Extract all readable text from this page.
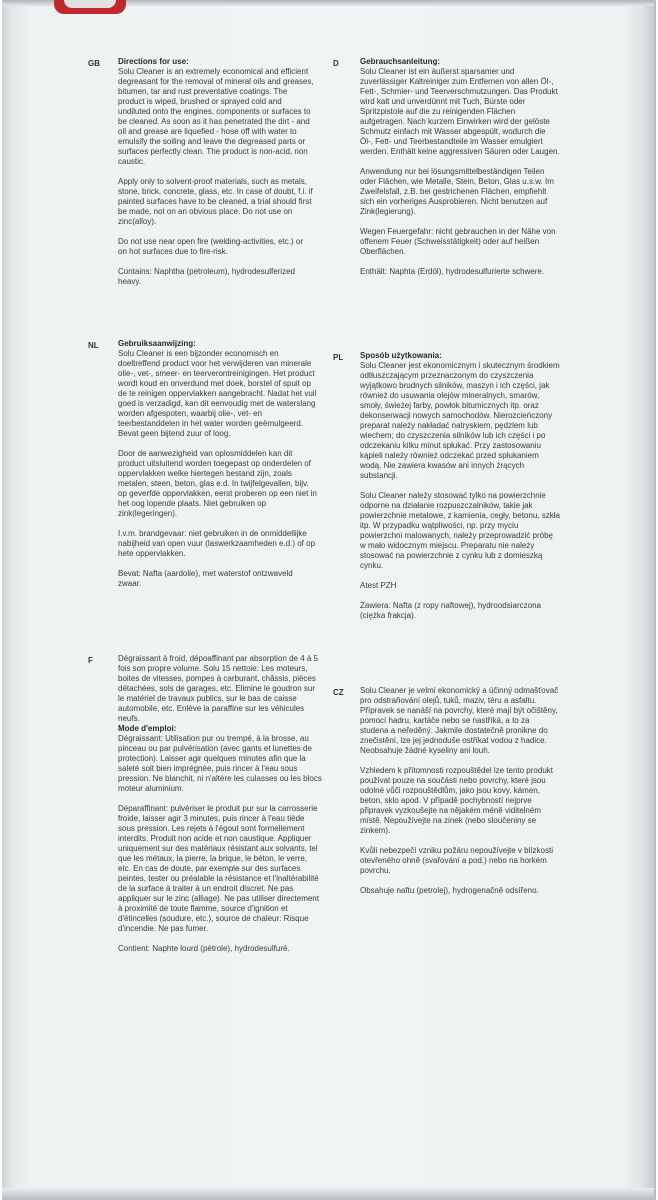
GB Directions for use:

Solu Cleaner is an extremely economical and efficient degreasant for the removal of mineral oils and greases, bitumen, tar and rust preventative coatings. The product is wiped, brushed or sprayed cold and undiluted onto the engines, components or surfaces to be cleaned. As soon as it has penetrated the dirt - and oil and grease are liquefied - hose off with water to emulsify the soiling and leave the degreased parts or surfaces perfectly clean. The product is non-acid, non caustic.

Apply only to solvent-proof materials, such as metals, stone, brick, concrete, glass, etc. In case of doubt, f.i. if painted surfaces have to be cleaned, a trial should first be made, not on an obvious place. Do not use on zinc(alloy).

Do not use near open fire (welding-activities, etc.) or on hot surfaces due to fire-risk.

Contains: Naphtha (petroleum), hydrodesulferized heavy.

NL Gebruiksaanwijzing:

Solu Cleaner is een bijzonder economisch en doeltreffend product voor het verwijderen van minerale olie-, vet-, smeer- en teerverontreinigingen. Het product wordt koud en onverdund met doek, borstel of spuit op de te reinigen oppervlakken aangebracht. Nadat het vuil goed is verzadigd, kan dit eenvoudig met de waterslang worden afgespoten, waarbij olie-, vet- en teerbestanddelen in het water worden geëmulgeerd. Bevat geen bijtend zuur of loog.

Door de aanwezigheid van oplosmiddelen kan dit product uitsluitend worden toegepast op onderdelen of oppervlakken welke hiertegen bestand zijn, zoals metalen, steen, beton, glas e.d. In twijfelgevallen, bijv. op geverfde oppervlakken, eerst proberen op een niet in het oog lopende plaats. Niet gebruiken op zink(legeringen).

I.v.m. brandgevaar: niet gebruiken in de onmiddellijke nabijheid van open vuur (laswerkzaamheden e.d.) of op hete oppervlakken.

Bevat: Nafta (aardolie), met waterstof ontzwaveld zwaar.

F	Dégraissant à froid, dépoaffinant par absorption de 4 à 5 fois son propre volume. Solu 15 nettoie: Les moteurs, boites de vitesses, pompes à carburant, châssis, pièces détachées, sols de garages, etc. Elimine le goudron sur le matériel de travaux publics, sur le bas de caisse automobile, etc. Enlève la paraffine sur les véhicules neufs.

Mode d'emploi:

Dégraissant: Utilisation pur ou trempé, à la brosse, au pinceau ou par pulvérisation (avec gants et lunettes de protection). Laisser agir quelques minutes afin que la saleté soit bien imprégnée, puis rincer à l'eau sous pression. Ne blanchit, ni n'altère les culasses ou les blocs moteur aluminium.

Déparaffinant: pulvériser le produit pur sur la carrosserie froide, laisser agir 3 minutes, puis rincer à l'eau tiède sous pression. Les rejets à l'égout sont formellement interdits. Produit non acide et non caustique. Appliquer uniquement sur des matériaux résistant aux solvants, tel que les métaux, la pierre, la brique, le béton, le verre, etc. En cas de doute, par exemple sur des surfaces peintes, tester ou préalable la résistance et l'inaltérabilité de la surface à traiter à un endroit discret. Ne pas appliquer sur le zinc (alliage). Ne pas utiliser directement à proximité de toute flamme, source d'ignition et d'étincelles (soudure, etc.), source de chaleur: Risque d'incendie. Ne pas fumer.

Contient: Naphte lourd (pétrole), hydrodesulfuré.

D	Gebrauchsanleitung:

Solu Cleaner ist ein äußerst sparsamer und zuverlässiger Kaltreiniger zum Entfernen von allen Öl-, Fett-, Schmier- und Teerverschmutzungen. Das Produkt wird kalt und unverdünnt mit Tuch, Bürste oder Spritzpistole auf die zu reinigenden Flächen aufgetragen. Nach kurzem Einwirken wird der gelöste Schmutz einfach mit Wasser abgespült, wodurch die Öl-, Fett- und Teerbestandteile im Wasser emulgiert werden. Enthält keine aggressiven Säuren oder Laugen.

Anwendung nur bei lösungsmittelbeständigen Teilen oder Flächen, wie Metalle, Stein, Beton, Glas u.s.w. Im Zweifelsfall, z.B. bei gestrichenen Flächen, empfiehlt sich ein vorheriges Ausprobieren. Nicht benutzen auf Zink(legierung).

Wegen Feuergefahr: nicht gebrauchen in der Nähe von offenem Feuer (Schweisstätigkeit) oder auf heißen Oberflächen.

Enthält: Naphta (Erdöl), hydrodesulfurierte schwere.

PL Sposób użytkowania:

Solu Cleaner jest ekonomicznym i skutecznym środkiem odtłuszczającym przeznaczonym do czyszczenia wyjątkowo brudnych silników, maszyn i ich części, jak również do usuwania olejów mineralnych, smarów, smoły, świeżej farby, powłok bitumicznych itp. oraz dekonserwacji nowych samochodów. Nierozcieńczony preparat należy nakładać natryskiem, pędzlem lub wiechem; do czyszczenia silników lub ich części i po odczekaniu kilku minut spłukać. Przy zastosowaniu kąpieli należy również odczekać przed spłukaniem wodą. Nie zawiera kwasów ani innych żrących substancji.

Solu Cleaner należy stosować tylko na powierzchnie odporne na działanie rozpuszczalników, takie jak powierzchnie metalowe, z kamienia, cegły, betonu, szkła itp. W przypadku wątpliwości, np. przy myciu powierzchni malowanych, należy przeprowadzić próbę w mało widocznym miejscu. Preparatu nie należy stosować na powierzchnie z cynku lub z domieszką cynku.

Atest PZH

Zawiera: Nafta (z ropy naftowej), hydroodsiarczona (ciężka frakcja).

CZ Solu Cleaner je velmi ekonomický a účinný odmašťovač pro odstraňování olejů, tuků, maziv, téru a asfaltu. Přípravek se nanáší na povrchy, které mají být očištěny, pomocí hadru, kartáče nebo se nastříká, a to za studena a neředěný. Jakmile dostatečně pronikne do znečistění, lze jej jednoduše ostříkat vodou z hadice. Neobsahuje žádné kyseliny ani louh.

Vzhledem k přítomnosti rozpouštědel lze tento produkt používat pouze na součásti nebo povrchy, které jsou odolné vůči rozpouštědlům, jako jsou kovy, kámen, beton, sklo apod. V případě pochybností nejprve připravek vyzkoušejte na nějakém méně viditelném místě. Nepoužívejte na zinek (nebo sloučeniny se zinkem).

Kvůli nebezpečí vzniku požáru nepoužívejte v blízkosti otevřeného ohně (svařování a pod.) nebo na horkém povrchu.

Obsahuje naftu (petrolej), hydrogenačně odsířeno.
